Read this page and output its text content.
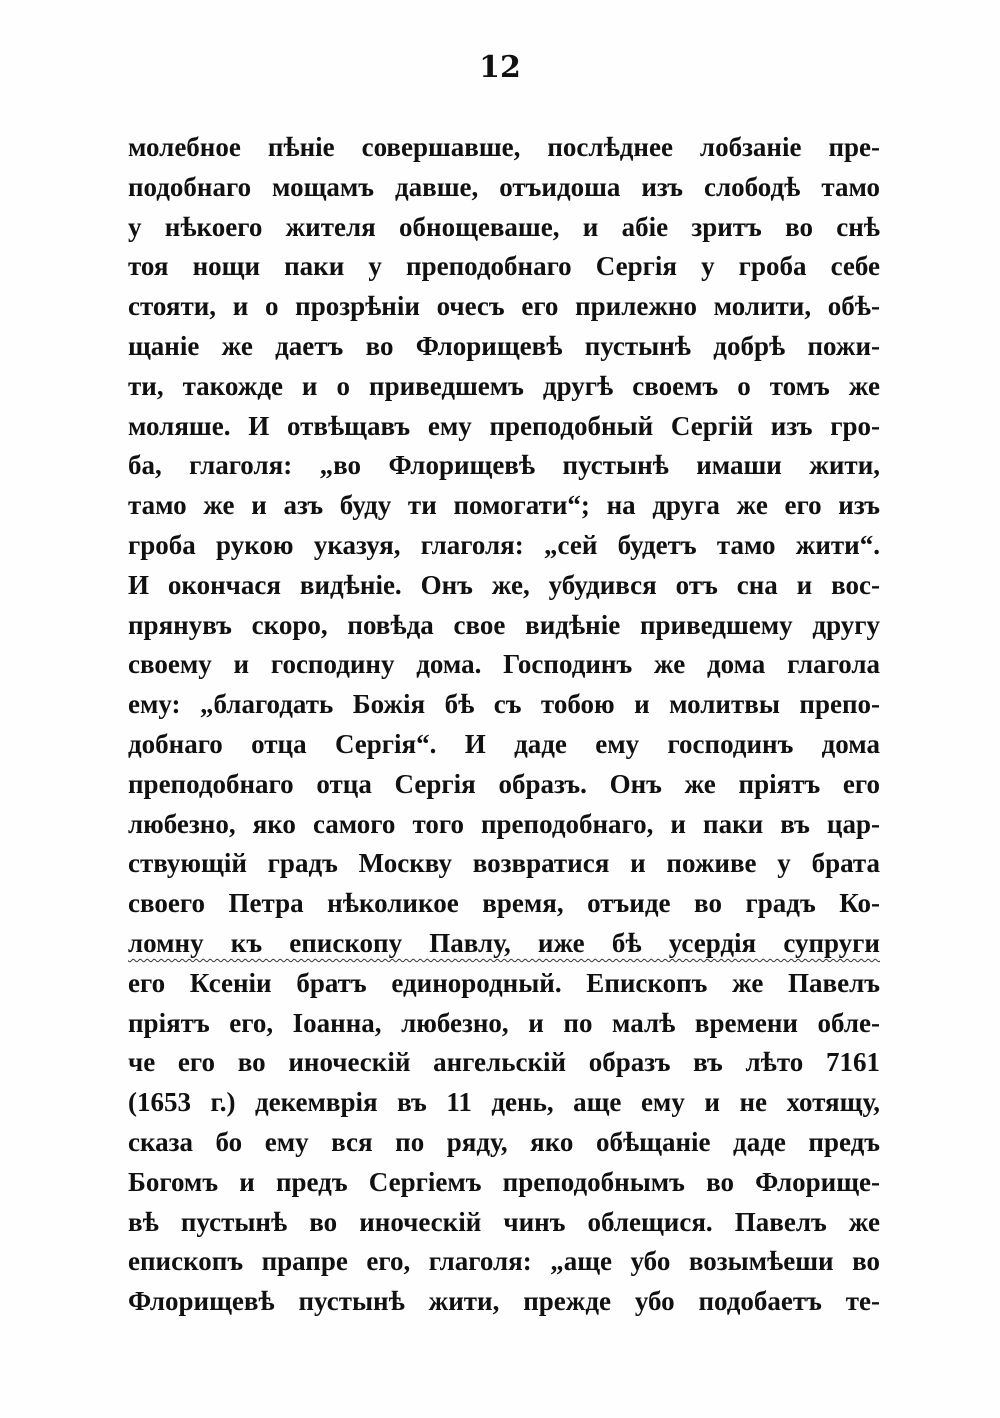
12
молебное пѣніе совершавше, послѣднее лобзаніе пре-
подобнаго мощамъ давше, отъидоша изъ слободѣ тамо
у нѣкоего жителя обнощеваше, и абіе зритъ во снѣ
тоя нощи паки у преподобнаго Сергія у гроба себе
стояти, и о прозрѣніи очесъ его прилежно молити, обѣ-
щаніе же даетъ во Флорищевѣ пустынѣ добрѣ пожи-
ти, такожде и о приведшемъ другѣ своемъ о томъ же
моляше. И отвѣщавъ ему преподобный Сергій изъ гро-
ба, глаголя: „во Флорищевѣ пустынѣ имаши жити,
тамо же и азъ буду ти помогати“; на друга же его изъ
гроба рукою указуя, глаголя: „сей будетъ тамо жити“.
И окончася видѣніе. Онъ же, убудився отъ сна и вос-
прянувъ скоро, повѣда свое видѣніе приведшему другу
своему и господину дома. Господинъ же дома глагола
ему: „благодать Божія бѣ съ тобою и молитвы препо-
добнаго отца Сергія“. И даде ему господинъ дома
преподобнаго отца Сергія образъ. Онъ же пріятъ его
любезно, яко самого того преподобнаго, и паки въ цар-
ствующій градъ Москву возвратися и поживе у брата
своего Петра нѣколикое время, отъиде во градъ Ко-
ломну къ епископу Павлу, иже бѣ усердія супруги
его Ксеніи братъ единородный. Епископъ же Павелъ
пріятъ его, Іоанна, любезно, и по малѣ времени обле-
че его во иноческій ангельскій образъ въ лѣто 7161
(1653 г.) декемврія въ 11 день, аще ему и не хотящу,
сказа бо ему вся по ряду, яко обѣщаніе даде предъ
Богомъ и предъ Сергіемъ преподобнымъ во Флорище-
вѣ пустынѣ во иноческій чинъ облещися. Павелъ же
епископъ прапре его, глаголя: „аще убо возымѣеши во
Флорищевѣ пустынѣ жити, прежде убо подобаетъ те-
